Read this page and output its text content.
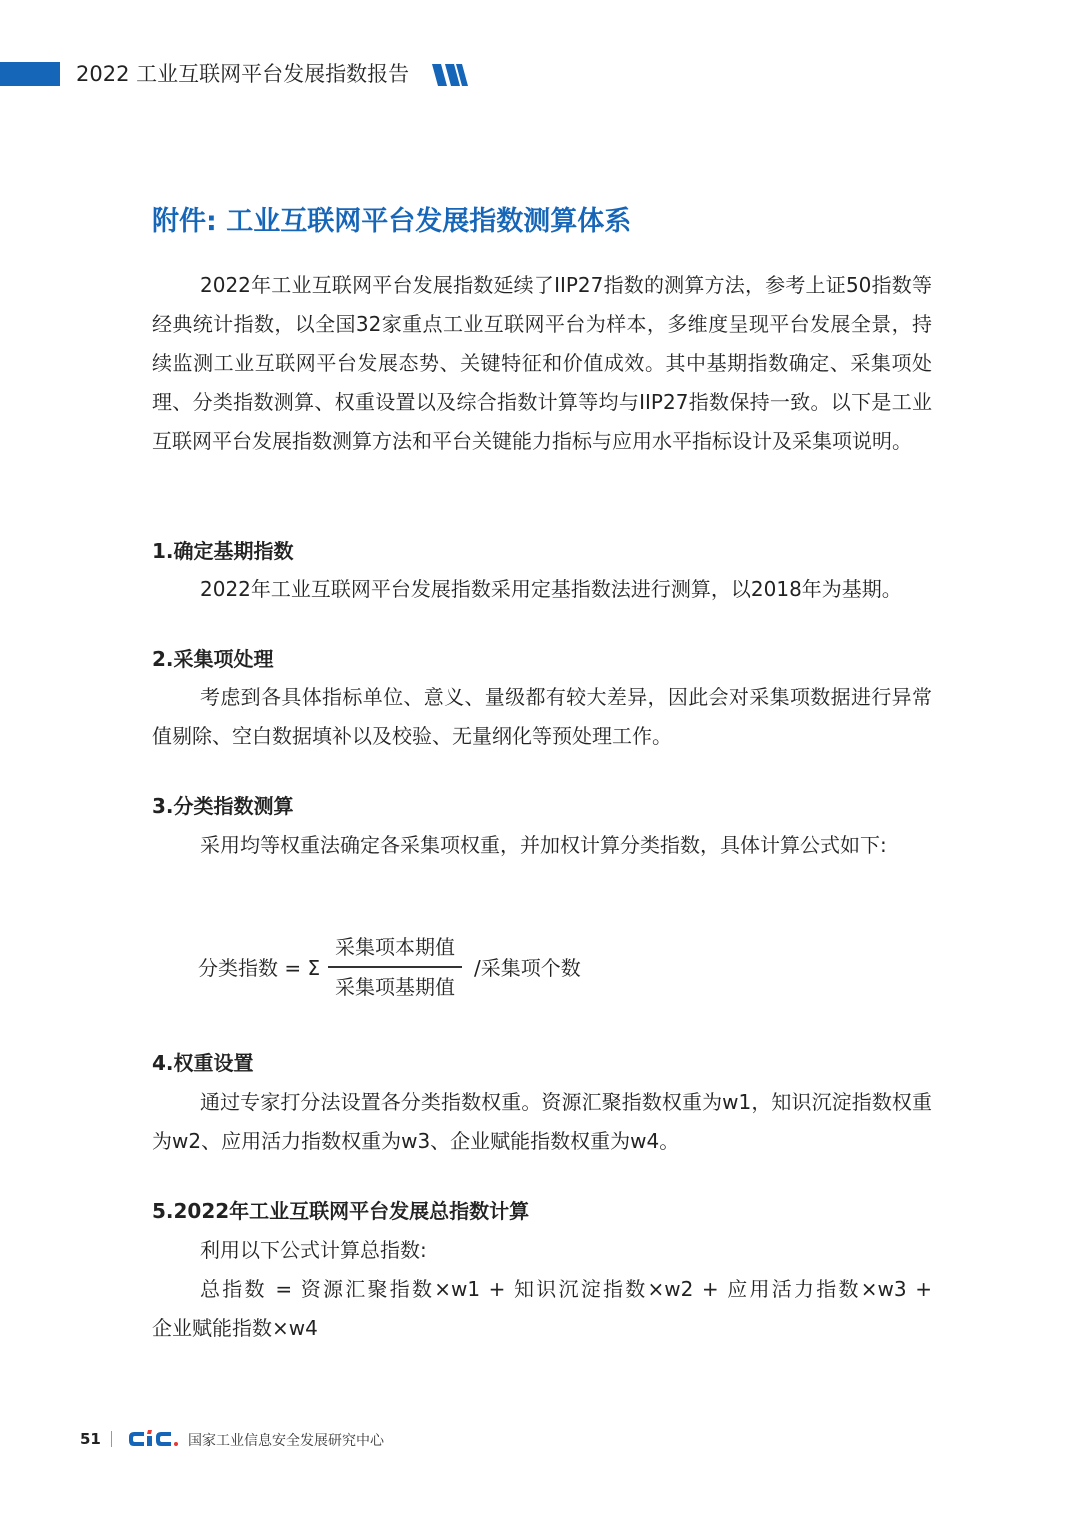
2022 工业互联网平台发展指数报告
附件: 工业互联网平台发展指数测算体系

2022年工业互联网平台发展指数延续了IIP27指数的测算方法，参考上证50指数等经典统计指数，以全国32家重点工业互联网平台为样本，多维度呈现平台发展全景，持续监测工业互联网平台发展态势、关键特征和价值成效。其中基期指数确定、采集项处理、分类指数测算、权重设置以及综合指数计算等均与IIP27指数保持一致。以下是工业互联网平台发展指数测算方法和平台关键能力指标与应用水平指标设计及采集项说明。

1.确定基期指数

2022年工业互联网平台发展指数采用定基指数法进行测算，以2018年为基期。

2.采集项处理

考虑到各具体指标单位、意义、量级都有较大差异，因此会对采集项数据进行异常值剔除、空白数据填补以及校验、无量纲化等预处理工作。

3.分类指数测算

采用均等权重法确定各采集项权重，并加权计算分类指数，具体计算公式如下:

分类指数 = Σ
采集项本期值
采集项基期值
/采集项个数
4.权重设置

通过专家打分法设置各分类指数权重。资源汇聚指数权重为w1，知识沉淀指数权重为w2、应用活力指数权重为w3、企业赋能指数权重为w4。

5.2022年工业互联网平台发展总指数计算

利用以下公式计算总指数:

总指数 = 资源汇聚指数×w1 + 知识沉淀指数×w2 + 应用活力指数×w3 +

企业赋能指数×w4

51	国家工业信息安全发展研究中心
